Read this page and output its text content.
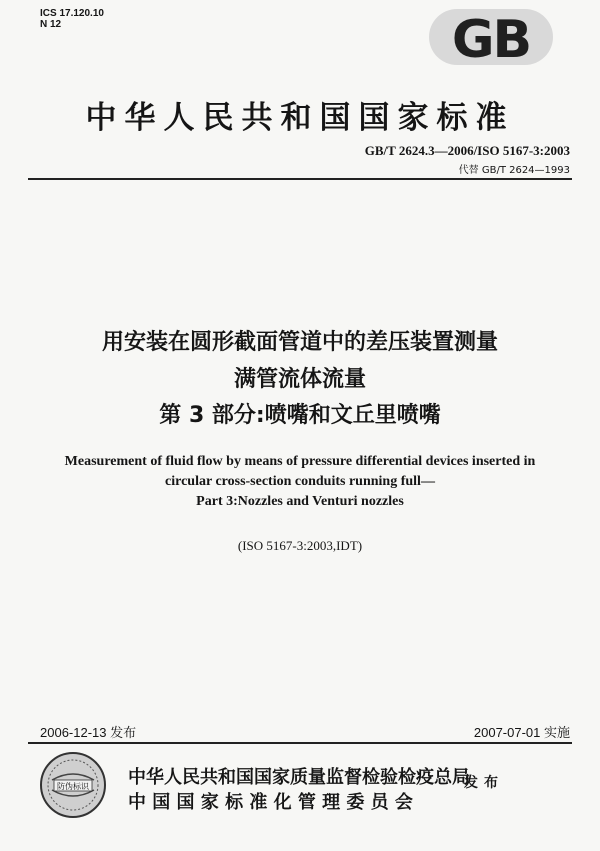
ICS 17.120.10
N 12	GB
中华人民共和国国家标准
GB/T 2624.3—2006/ISO 5167-3:2003
代替 GB/T 2624—1993
用安装在圆形截面管道中的差压装置测量
满管流体流量
第 3 部分:喷嘴和文丘里喷嘴
Measurement of fluid flow by means of pressure differential devices inserted in
circular cross-section conduits running full—
Part 3:Nozzles and Venturi nozzles
(ISO 5167-3:2003,IDT)
2006-12-13 发布	2007-07-01 实施
防伪标识 中华人民共和国国家质量监督检验检疫总局
中 国 国 家 标 准 化 管 理 委 员 会
发布
